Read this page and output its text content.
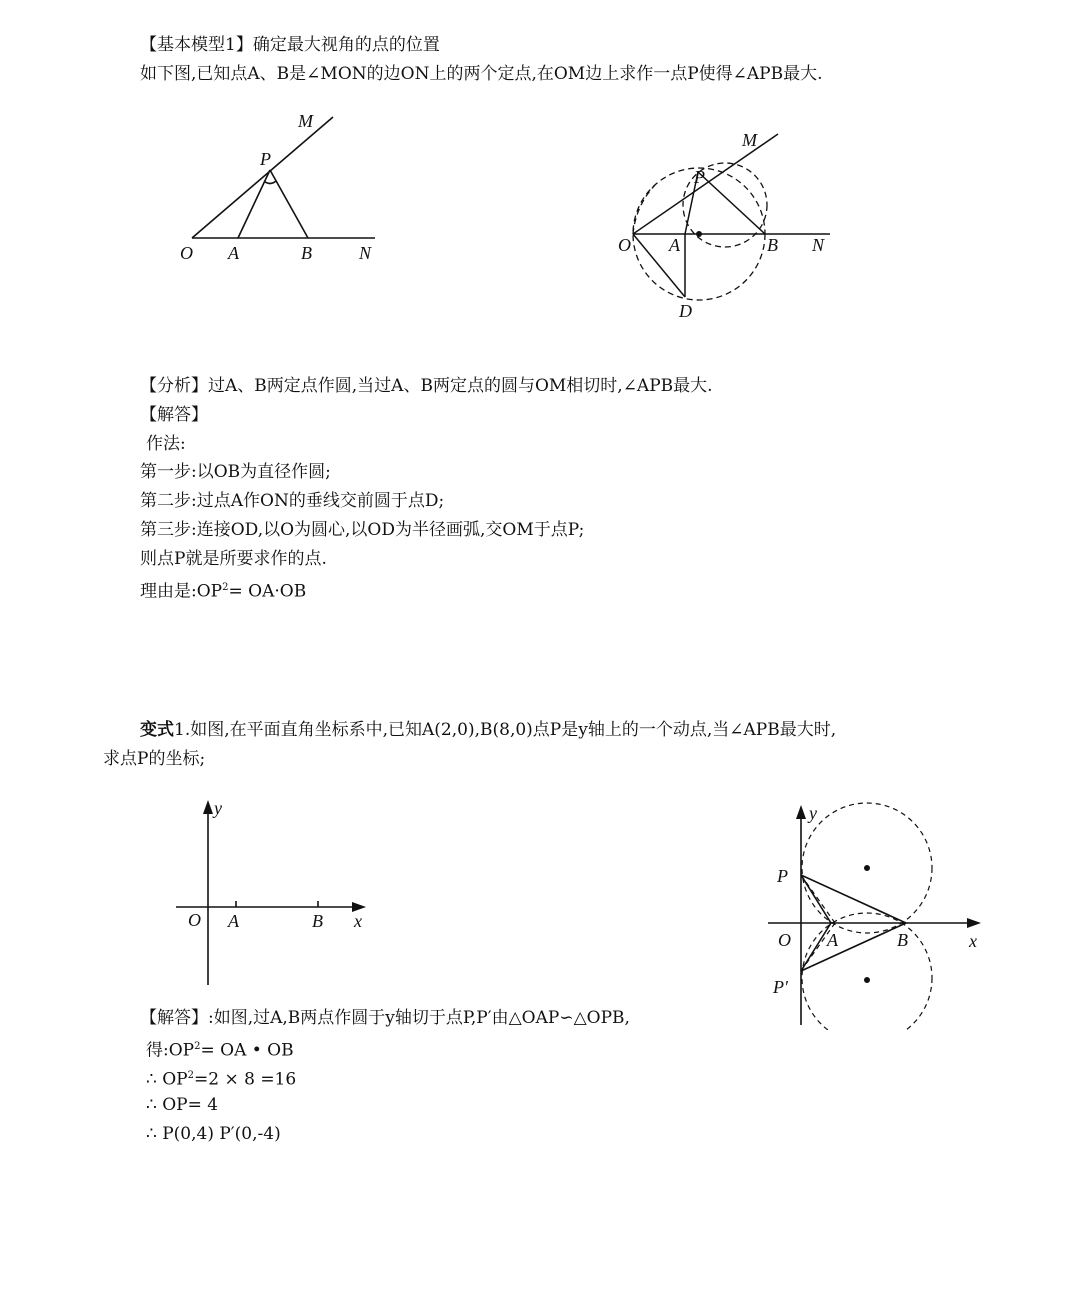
【基本模型1】确定最大视角的点的位置
如下图,已知点A、B是∠MON的边ON上的两个定点,在OM边上求作一点P使得∠APB最大.
M
P
O A	B	N
M
P
O A	B N
D
【分析】过A、B两定点作圆,当过A、B两定点的圆与OM相切时,∠APB最大.
【解答】
作法:
第一步:以OB为直径作圆;
第二步:过点A作ON的垂线交前圆于点D;
第三步:连接OD,以O为圆心,以OD为半径画弧,交OM于点P;
则点P就是所要求作的点.
理由是$:OP^2= OA\cdot OB$
变式1.如图,在平面直角坐标系中,已知A(2,0),B(8,0)点P是y轴上的一个动点,当∠APB最大时,
求点P的坐标;
y
O A	B x
y
P
O A	B	x
P′
【解答】:如图,过A,B两点作圆于y轴切于点P,P′由△OAP∽△OPB,
得$:OP^2=$ OA • OB
∴ $OP^2=2 \times 8 =16$
∴ OP= 4
∴ P(0,4) P′(0,-4)
